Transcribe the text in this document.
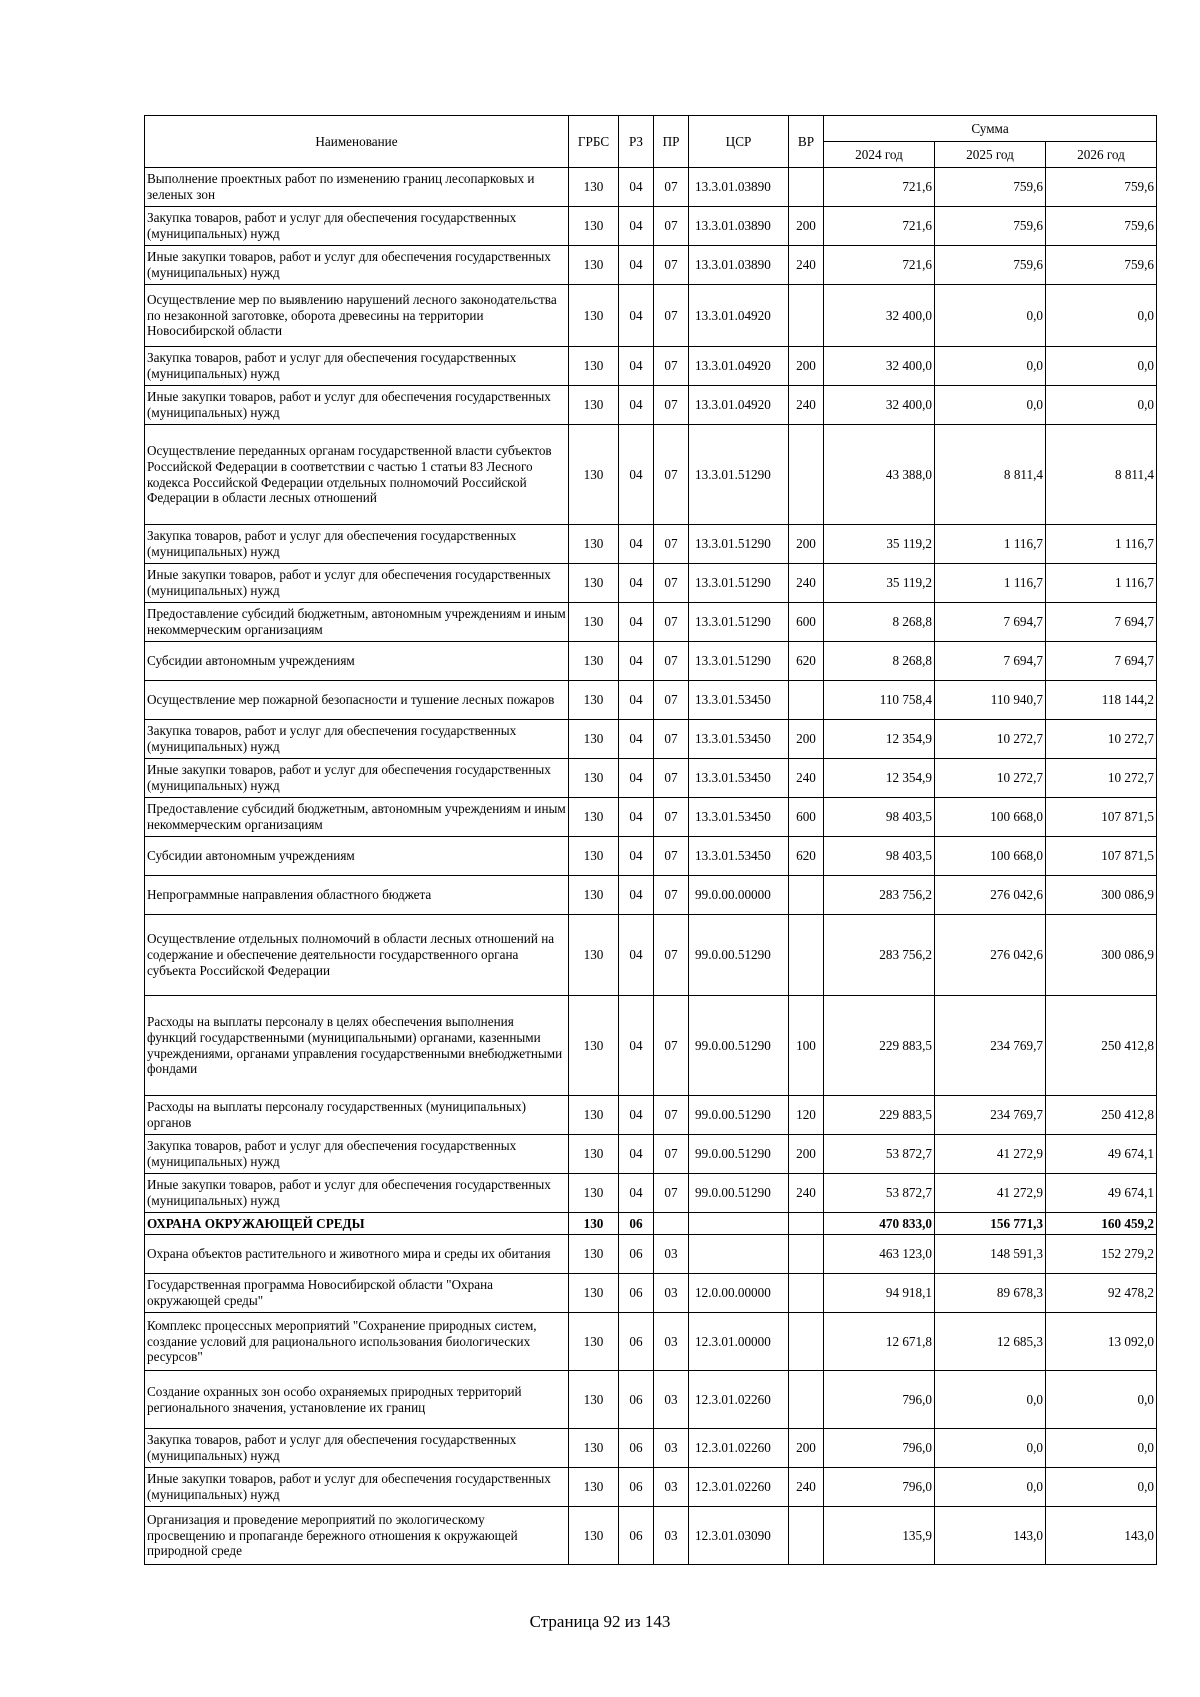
Наименование	ГРБС	РЗ	ПР	ЦСР	ВР	Сумма		
						2024 год	2025 год	2026 год
Выполнение проектных работ по изменению границ лесопарковых и зеленых зон	130	04	07	13.3.01.03890		721,6	759,6	759,6
Закупка товаров, работ и услуг для обеспечения государственных (муниципальных) нужд	130	04	07	13.3.01.03890	200	721,6	759,6	759,6
Иные закупки товаров, работ и услуг для обеспечения государственных (муниципальных) нужд	130	04	07	13.3.01.03890	240	721,6	759,6	759,6
Осуществление мер по выявлению нарушений лесного законодательства по незаконной заготовке, оборота древесины на территории Новосибирской области	130	04	07	13.3.01.04920		32 400,0	0,0	0,0
Закупка товаров, работ и услуг для обеспечения государственных (муниципальных) нужд	130	04	07	13.3.01.04920	200	32 400,0	0,0	0,0
Иные закупки товаров, работ и услуг для обеспечения государственных (муниципальных) нужд	130	04	07	13.3.01.04920	240	32 400,0	0,0	0,0
Осуществление переданных органам государственной власти субъектов Российской Федерации в соответствии с частью 1 статьи 83 Лесного кодекса Российской Федерации отдельных полномочий Российской Федерации в области лесных отношений	130	04	07	13.3.01.51290		43 388,0	8 811,4	8 811,4
Закупка товаров, работ и услуг для обеспечения государственных (муниципальных) нужд	130	04	07	13.3.01.51290	200	35 119,2	1 116,7	1 116,7
Иные закупки товаров, работ и услуг для обеспечения государственных (муниципальных) нужд	130	04	07	13.3.01.51290	240	35 119,2	1 116,7	1 116,7
Предоставление субсидий бюджетным, автономным учреждениям и иным некоммерческим организациям	130	04	07	13.3.01.51290	600	8 268,8	7 694,7	7 694,7
Субсидии автономным учреждениям	130	04	07	13.3.01.51290	620	8 268,8	7 694,7	7 694,7
Осуществление мер пожарной безопасности и тушение лесных пожаров	130	04	07	13.3.01.53450		110 758,4	110 940,7	118 144,2
Закупка товаров, работ и услуг для обеспечения государственных (муниципальных) нужд	130	04	07	13.3.01.53450	200	12 354,9	10 272,7	10 272,7
Иные закупки товаров, работ и услуг для обеспечения государственных (муниципальных) нужд	130	04	07	13.3.01.53450	240	12 354,9	10 272,7	10 272,7
Предоставление субсидий бюджетным, автономным учреждениям и иным некоммерческим организациям	130	04	07	13.3.01.53450	600	98 403,5	100 668,0	107 871,5
Субсидии автономным учреждениям	130	04	07	13.3.01.53450	620	98 403,5	100 668,0	107 871,5
Непрограммные направления областного бюджета	130	04	07	99.0.00.00000		283 756,2	276 042,6	300 086,9
Осуществление отдельных полномочий в области лесных отношений на содержание и обеспечение деятельности государственного органа субъекта Российской Федерации	130	04	07	99.0.00.51290		283 756,2	276 042,6	300 086,9
Расходы на выплаты персоналу в целях обеспечения выполнения функций государственными (муниципальными) органами, казенными учреждениями, органами управления государственными внебюджетными фондами	130	04	07	99.0.00.51290	100	229 883,5	234 769,7	250 412,8
Расходы на выплаты персоналу государственных (муниципальных) органов	130	04	07	99.0.00.51290	120	229 883,5	234 769,7	250 412,8
Закупка товаров, работ и услуг для обеспечения государственных (муниципальных) нужд	130	04	07	99.0.00.51290	200	53 872,7	41 272,9	49 674,1
Иные закупки товаров, работ и услуг для обеспечения государственных (муниципальных) нужд	130	04	07	99.0.00.51290	240	53 872,7	41 272,9	49 674,1
ОХРАНА ОКРУЖАЮЩЕЙ СРЕДЫ	130	06				470 833,0	156 771,3	160 459,2
Охрана объектов растительного и животного мира и среды их обитания	130	06	03			463 123,0	148 591,3	152 279,2
Государственная программа Новосибирской области "Охрана окружающей среды"	130	06	03	12.0.00.00000		94 918,1	89 678,3	92 478,2
Комплекс процессных мероприятий "Сохранение природных систем, создание условий для рационального использования биологических ресурсов"	130	06	03	12.3.01.00000		12 671,8	12 685,3	13 092,0
Создание охранных зон особо охраняемых природных территорий регионального значения, установление их границ	130	06	03	12.3.01.02260		796,0	0,0	0,0
Закупка товаров, работ и услуг для обеспечения государственных (муниципальных) нужд	130	06	03	12.3.01.02260	200	796,0	0,0	0,0
Иные закупки товаров, работ и услуг для обеспечения государственных (муниципальных) нужд	130	06	03	12.3.01.02260	240	796,0	0,0	0,0
Организация и проведение мероприятий по экологическому просвещению и пропаганде бережного отношения к окружающей природной среде	130	06	03	12.3.01.03090		135,9	143,0	143,0
Страница 92 из 143
